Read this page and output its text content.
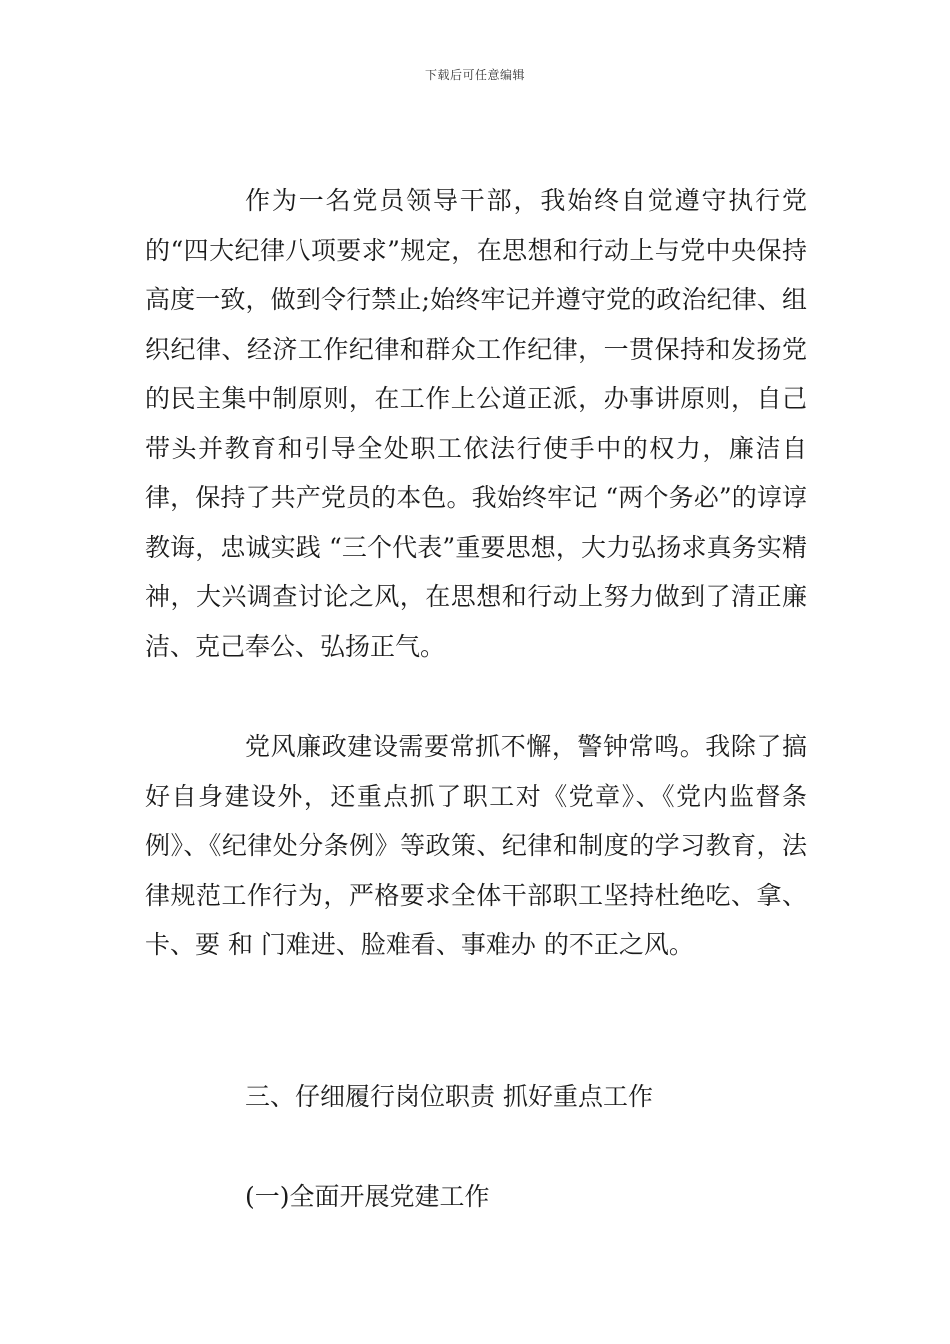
下载后可任意编辑

作为一名党员领导干部，我始终自觉遵守执行党的“四大纪律八项要求”规定，在思想和行动上与党中央保持高度一致，做到令行禁止;始终牢记并遵守党的政治纪律、组织纪律、经济工作纪律和群众工作纪律，一贯保持和发扬党的民主集中制原则，在工作上公道正派，办事讲原则，自己带头并教育和引导全处职工依法行使手中的权力，廉洁自律，保持了共产党员的本色。我始终牢记 “两个务必”的谆谆教诲，忠诚实践 “三个代表”重要思想，大力弘扬求真务实精神，大兴调查讨论之风，在思想和行动上努力做到了清正廉洁、克己奉公、弘扬正气。

党风廉政建设需要常抓不懈，警钟常鸣。我除了搞好自身建设外，还重点抓了职工对《党章》、《党内监督条例》、《纪律处分条例》等政策、纪律和制度的学习教育，法律规范工作行为，严格要求全体干部职工坚持杜绝吃、拿、卡、要 和 门难进、脸难看、事难办 的不正之风。

三、仔细履行岗位职责 抓好重点工作

(一)全面开展党建工作
